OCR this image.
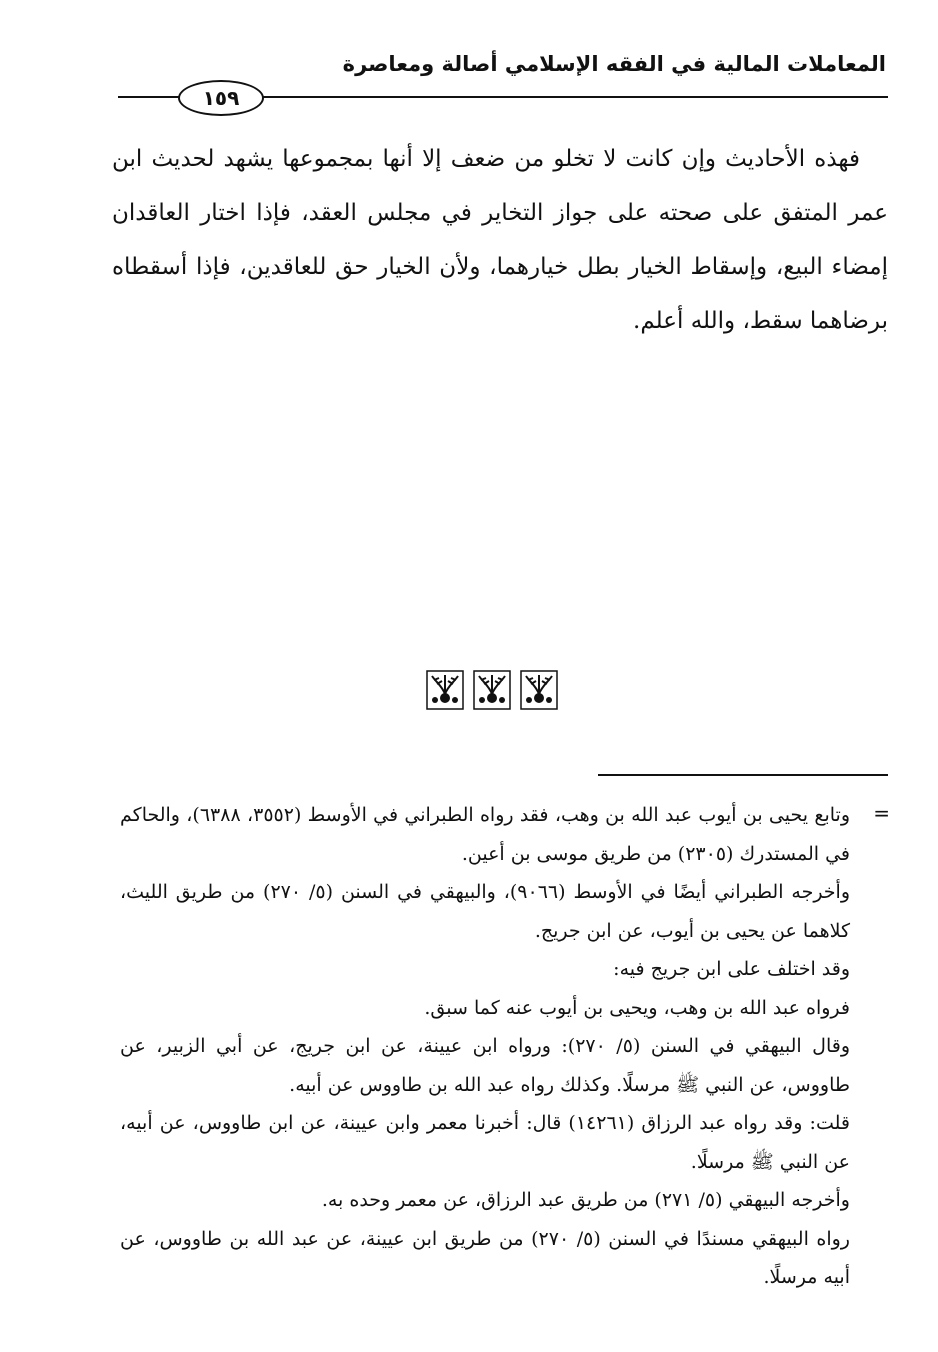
المعاملات المالية في الفقه الإسلامي أصالة ومعاصرة
١٥٩

فهذه الأحاديث وإن كانت لا تخلو من ضعف إلا أنها بمجموعها يشهد لحديث ابن عمر المتفق على صحته على جواز التخاير في مجلس العقد، فإذا اختار العاقدان إمضاء البيع، وإسقاط الخيار بطل خيارهما، ولأن الخيار حق للعاقدين، فإذا أسقطاه برضاهما سقط، والله أعلم.

=

وتابع يحيى بن أيوب عبد الله بن وهب، فقد رواه الطبراني في الأوسط (٣٥٥٢، ٦٣٨٨)، والحاكم في المستدرك (٢٣٠٥) من طريق موسى بن أعين.

وأخرجه الطبراني أيضًا في الأوسط (٩٠٦٦)، والبيهقي في السنن (٥/ ٢٧٠) من طريق الليث، كلاهما عن يحيى بن أيوب، عن ابن جريج.

وقد اختلف على ابن جريج فيه:

فرواه عبد الله بن وهب، ويحيى بن أيوب عنه كما سبق.

وقال البيهقي في السنن (٥/ ٢٧٠): ورواه ابن عيينة، عن ابن جريج، عن أبي الزبير، عن طاووس، عن النبي ﷺ مرسلًا. وكذلك رواه عبد الله بن طاووس عن أبيه.

قلت: وقد رواه عبد الرزاق (١٤٢٦١) قال: أخبرنا معمر وابن عيينة، عن ابن طاووس، عن أبيه، عن النبي ﷺ مرسلًا.

وأخرجه البيهقي (٥/ ٢٧١) من طريق عبد الرزاق، عن معمر وحده به.

رواه البيهقي مسندًا في السنن (٥/ ٢٧٠) من طريق ابن عيينة، عن عبد الله بن طاووس، عن أبيه مرسلًا.
